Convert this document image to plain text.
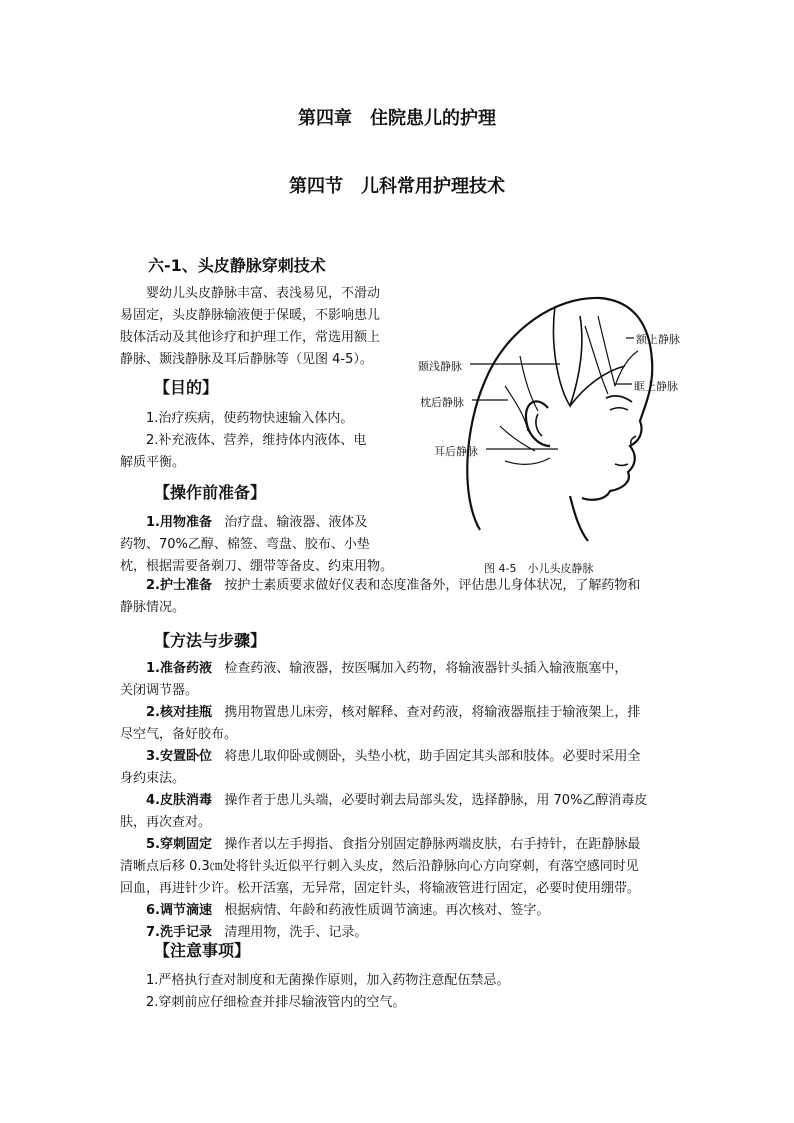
第四章　住院患儿的护理
第四节　儿科常用护理技术
六-1、头皮静脉穿刺技术
婴幼儿头皮静脉丰富、表浅易见，不滑动
易固定，头皮静脉输液便于保暖，不影响患儿
肢体活动及其他诊疗和护理工作，常选用额上
静脉、颞浅静脉及耳后静脉等（见图 4-5）。
【目的】
1.治疗疾病，使药物快速输入体内。
2.补充液体、营养，维持体内液体、电
解质平衡。
【操作前准备】
1.用物准备 治疗盘、输液器、液体及
药物、70%乙醇、棉签、弯盘、胶布、小垫
枕，根据需要备剃刀、绷带等备皮、约束用物。
2.护士准备 按护士素质要求做好仪表和态度准备外，评估患儿身体状况，了解药物和
静脉情况。
额上静脉
颞浅静脉
眶上静脉
枕后静脉
耳后静脉
图 4-5　小儿头皮静脉
【方法与步骤】
1.准备药液 检查药液、输液器，按医嘱加入药物，将输液器针头插入输液瓶塞中，
关闭调节器。
2.核对挂瓶 携用物置患儿床旁，核对解释、查对药液，将输液器瓶挂于输液架上，排
尽空气，备好胶布。
3.安置卧位 将患儿取仰卧或侧卧，头垫小枕，助手固定其头部和肢体。必要时采用全
身约束法。
4.皮肤消毒 操作者于患儿头端，必要时剃去局部头发，选择静脉，用 70%乙醇消毒皮
肤，再次查对。
5.穿刺固定 操作者以左手拇指、食指分别固定静脉两端皮肤，右手持针，在距静脉最
清晰点后移 0.3㎝处将针头近似平行刺入头皮，然后沿静脉向心方向穿刺，有落空感同时见
回血，再进针少许。松开活塞，无异常，固定针头，将输液管进行固定，必要时使用绷带。
6.调节滴速 根据病情、年龄和药液性质调节滴速。再次核对、签字。
7.洗手记录 清理用物，洗手、记录。
【注意事项】
1.严格执行查对制度和无菌操作原则，加入药物注意配伍禁忌。
2.穿刺前应仔细检查并排尽输液管内的空气。
